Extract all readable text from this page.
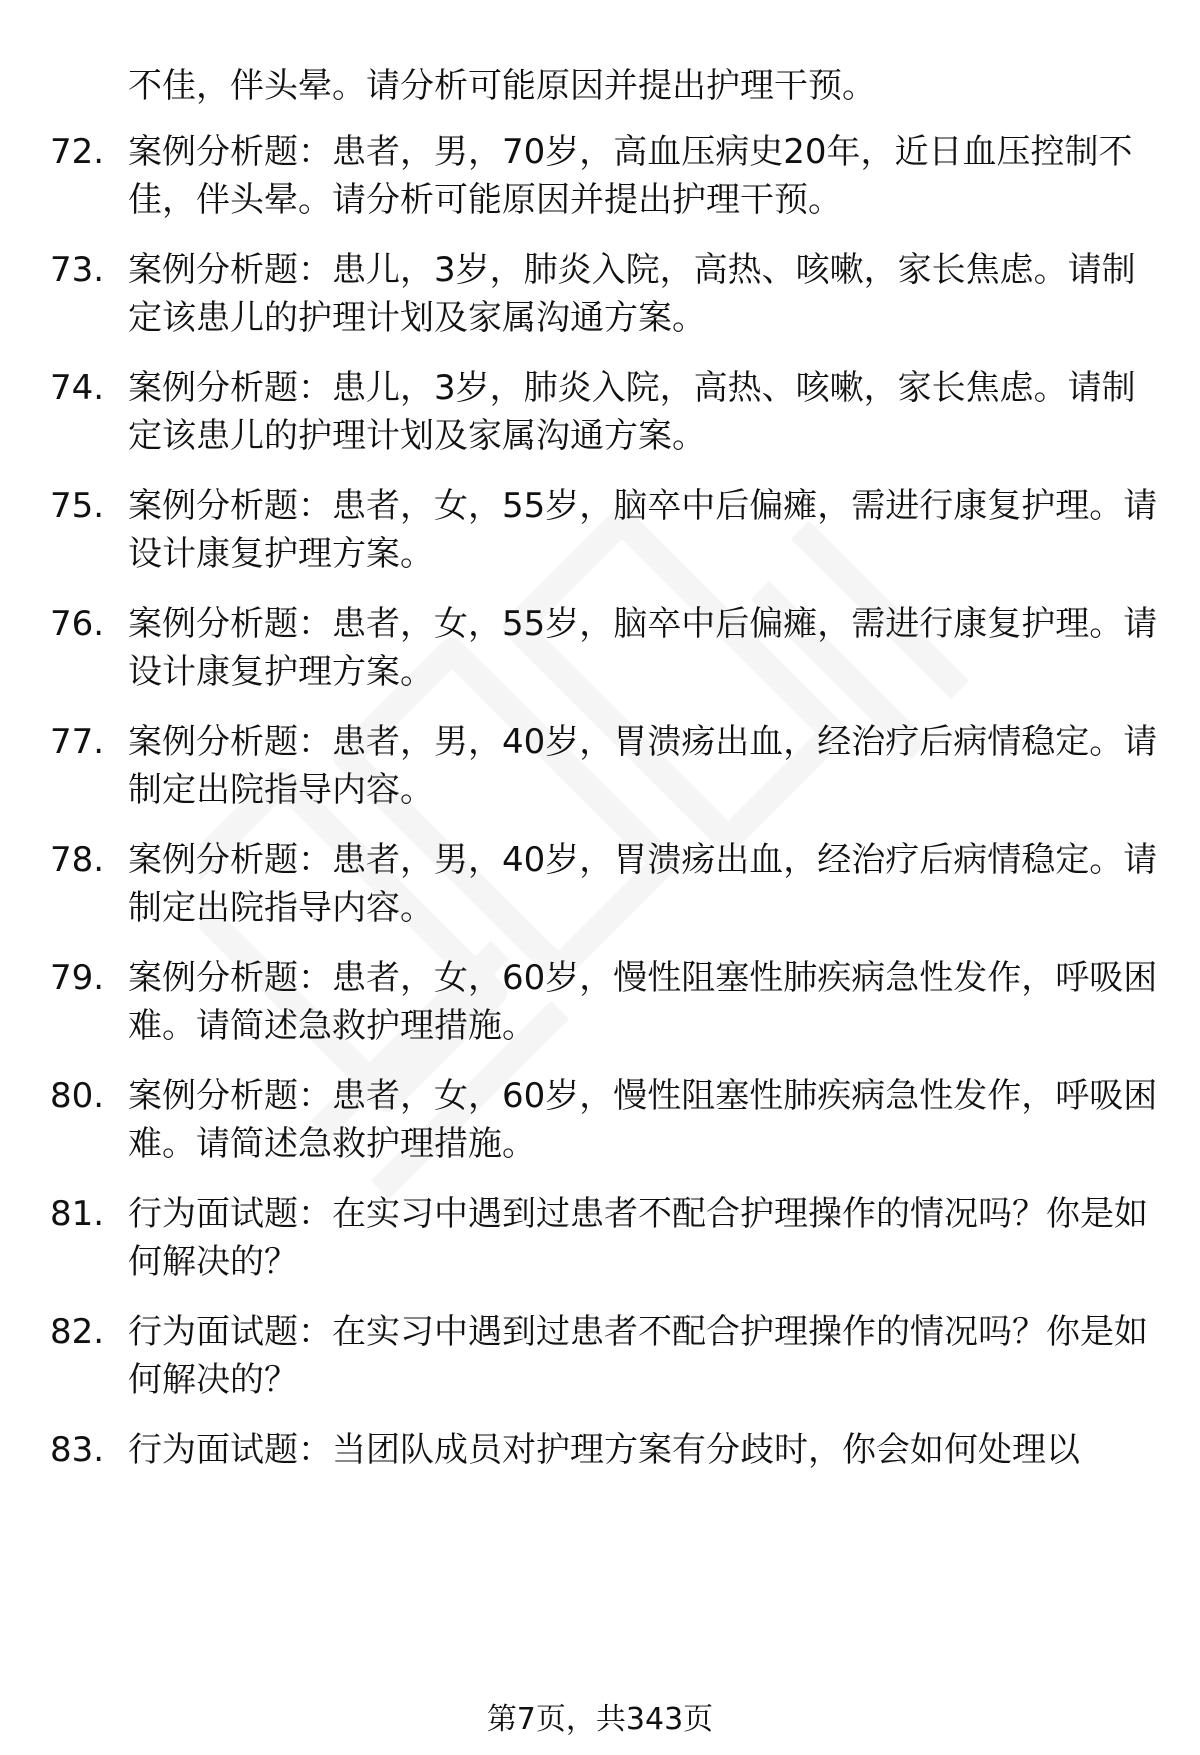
不佳，伴头晕。请分析可能原因并提出护理干预。
72. 案例分析题：患者，男，70岁，高血压病史20年，近日血压控制不佳，伴头晕。请分析可能原因并提出护理干预。
73. 案例分析题：患儿，3岁，肺炎入院，高热、咳嗽，家长焦虑。请制定该患儿的护理计划及家属沟通方案。
74. 案例分析题：患儿，3岁，肺炎入院，高热、咳嗽，家长焦虑。请制定该患儿的护理计划及家属沟通方案。
75. 案例分析题：患者，女，55岁，脑卒中后偏瘫，需进行康复护理。请设计康复护理方案。
76. 案例分析题：患者，女，55岁，脑卒中后偏瘫，需进行康复护理。请设计康复护理方案。
77. 案例分析题：患者，男，40岁，胃溃疡出血，经治疗后病情稳定。请制定出院指导内容。
78. 案例分析题：患者，男，40岁，胃溃疡出血，经治疗后病情稳定。请制定出院指导内容。
79. 案例分析题：患者，女，60岁，慢性阻塞性肺疾病急性发作，呼吸困难。请简述急救护理措施。
80. 案例分析题：患者，女，60岁，慢性阻塞性肺疾病急性发作，呼吸困难。请简述急救护理措施。
81. 行为面试题：在实习中遇到过患者不配合护理操作的情况吗？你是如何解决的？
82. 行为面试题：在实习中遇到过患者不配合护理操作的情况吗？你是如何解决的？
83. 行为面试题：当团队成员对护理方案有分歧时，你会如何处理以
第7页，共343页
